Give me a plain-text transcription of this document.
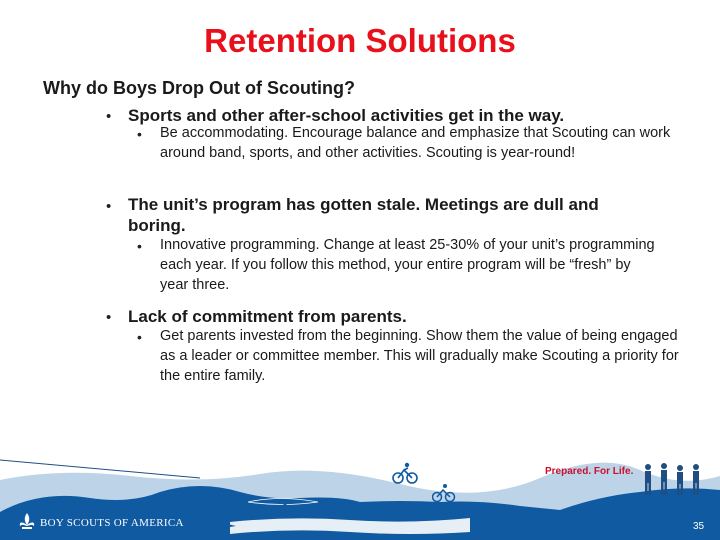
Retention Solutions
Why do Boys Drop Out of Scouting?
• Sports and other after-school activities get in the way.
• Be accommodating. Encourage balance and emphasize that Scouting can work around band, sports, and other activities. Scouting is year-round!
• The unit’s program has gotten stale. Meetings are dull and boring.
• Innovative programming. Change at least 25-30% of your unit’s programming each year. If you follow this method, your entire program will be “fresh” by year three.
• Lack of commitment from parents.
• Get parents invested from the beginning. Show them the value of being engaged as a leader or committee member. This will gradually make Scouting a priority for the entire family.
BOY SCOUTS OF AMERICA
Prepared. For Life.
35
